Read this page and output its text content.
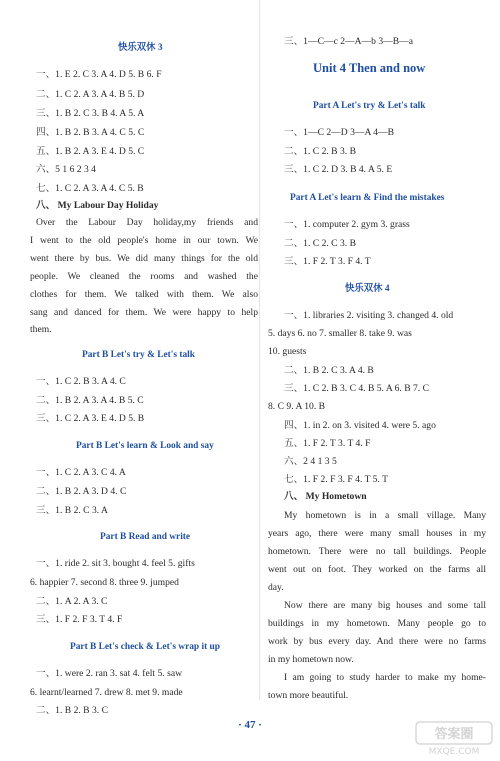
快乐双休 3
一、1. E 2. C 3. A 4. D 5. B 6. F
二、1. C 2. A 3. A 4. B 5. D
三、1. B 2. C 3. B 4. A 5. A
四、1. B 2. B 3. A 4. C 5. C
五、1. B 2. A 3. E 4. D 5. C
六、5 1 6 2 3 4
七、1. C 2. A 3. A 4. C 5. B
八、 My Labour Day Holiday
Over the Labour Day holiday,my friends and
I went to the old people's home in our town. We
went there by bus. We did many things for the old
people. We cleaned the rooms and washed the
clothes for them. We talked with them. We also
sang and danced for them. We were happy to help
them.
Part B Let's try & Let's talk
一、1. C 2. B 3. A 4. C
二、1. B 2. A 3. A 4. B 5. C
三、1. C 2. A 3. E 4. D 5. B
Part B Let's learn & Look and say
一、1. C 2. A 3. C 4. A
二、1. B 2. A 3. D 4. C
三、1. B 2. C 3. A
Part B Read and write
一、1. ride 2. sit 3. bought 4. feel 5. gifts
6. happier 7. second 8. three 9. jumped
二、1. A 2. A 3. C
三、1. F 2. F 3. T 4. F
Part B Let's check & Let's wrap it up
一、1. were 2. ran 3. sat 4. felt 5. saw
6. learnt/learned 7. drew 8. met 9. made
二、1. B 2. B 3. C
三、1—C—c 2—A—b 3—B—a
Unit 4 Then and now
Part A Let's try & Let's talk
一、1—C 2—D 3—A 4—B
二、1. C 2. B 3. B
三、1. C 2. D 3. B 4. A 5. E
Part A Let's learn & Find the mistakes
一、1. computer 2. gym 3. grass
二、1. C 2. C 3. B
三、1. F 2. T 3. F 4. T
快乐双休 4
一、1. libraries 2. visiting 3. changed 4. old
5. days 6. no 7. smaller 8. take 9. was
10. guests
二、1. B 2. C 3. A 4. B
三、1. C 2. B 3. C 4. B 5. A 6. B 7. C
8. C 9. A 10. B
四、1. in 2. on 3. visited 4. were 5. ago
五、1. F 2. T 3. T 4. F
六、2 4 1 3 5
七、1. F 2. F 3. F 4. T 5. T
八、 My Hometown
My hometown is in a small village. Many
years ago, there were many small houses in my
hometown. There were no tall buildings. People
went out on foot. They worked on the farms all
day.
Now there are many big houses and some tall
buildings in my hometown. Many people go to
work by bus every day. And there were no farms
in my hometown now.
I am going to study harder to make my home-
town more beautiful.
· 47 ·
答案圈
MXQE.COM
